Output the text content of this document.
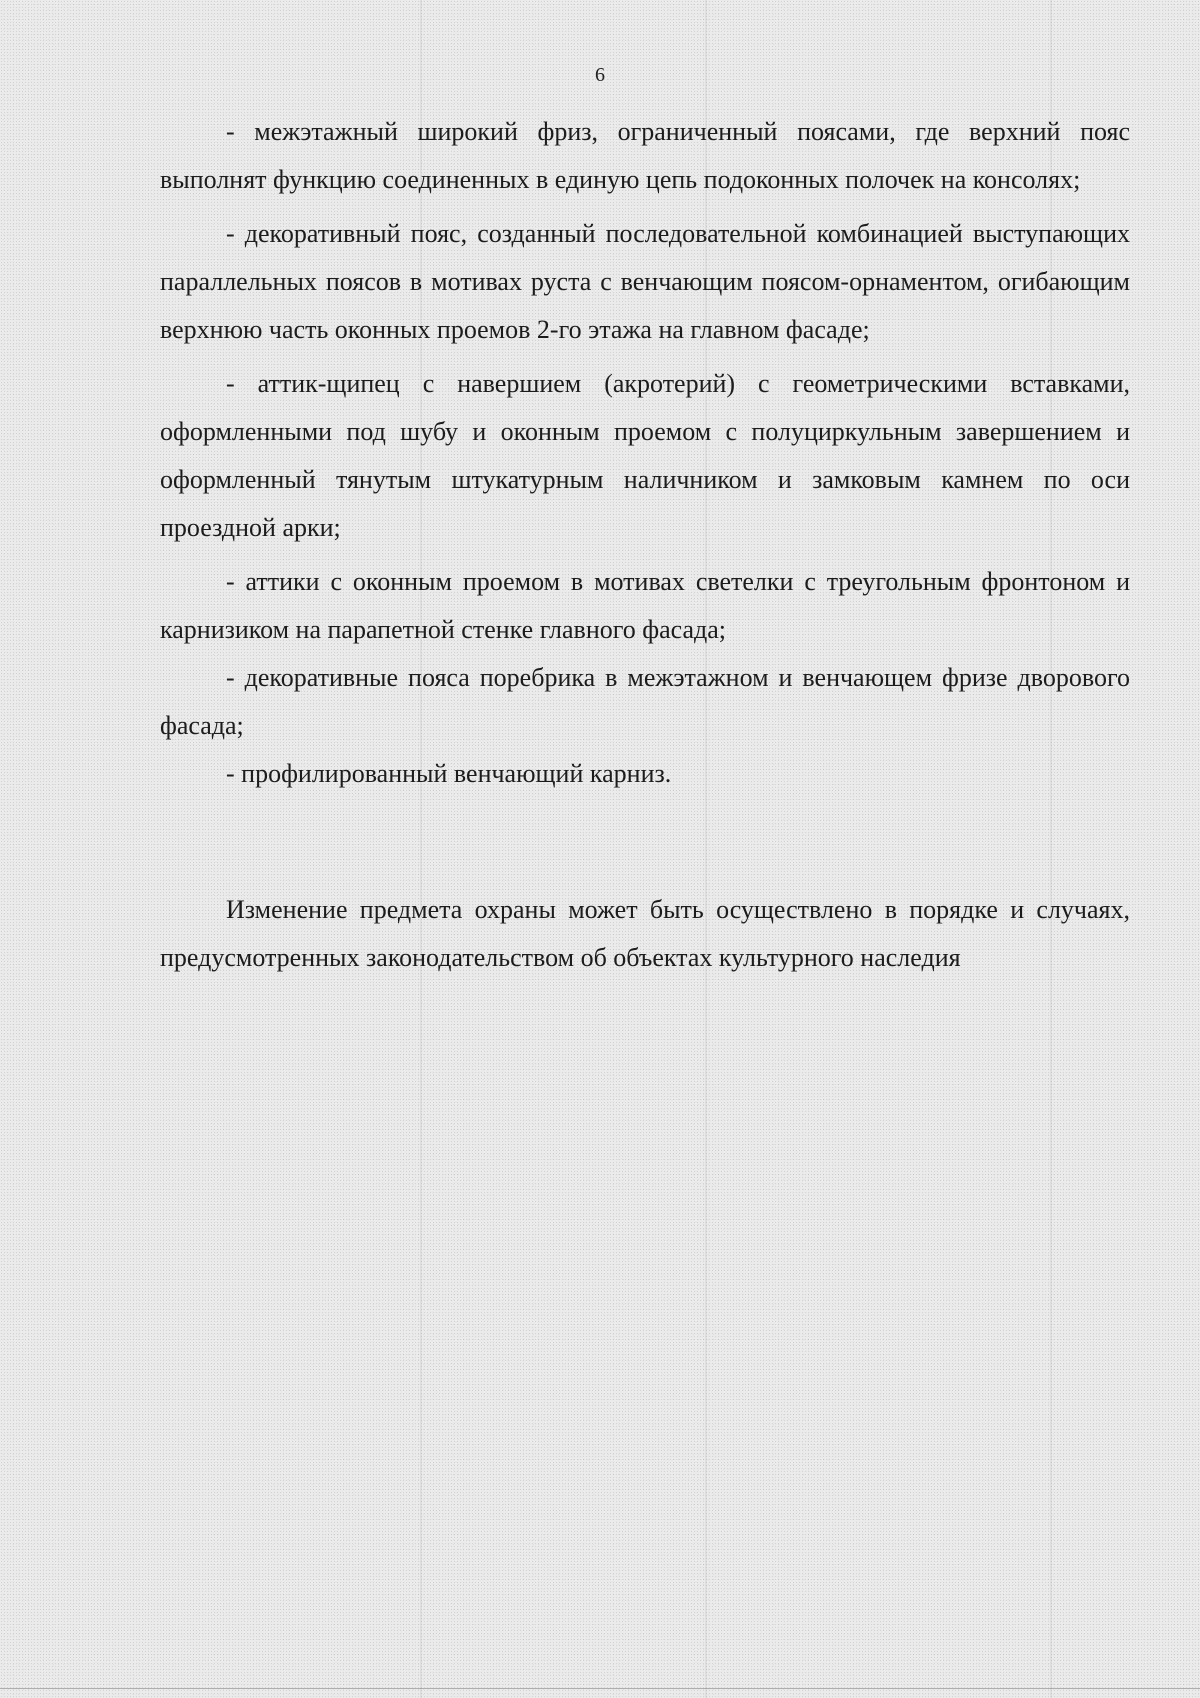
6

- межэтажный широкий фриз, ограниченный поясами, где верхний пояс выполнят функцию соединенных в единую цепь подоконных полочек на консолях;

- декоративный пояс, созданный последовательной комбинацией выступающих параллельных поясов в мотивах руста с венчающим поясом-орнаментом, огибающим верхнюю часть оконных проемов 2-го этажа на главном фасаде;

- аттик-щипец с навершием (акротерий) с геометрическими вставками, оформленными под шубу и оконным проемом с полуциркульным завершением и оформленный тянутым штукатурным наличником и замковым камнем по оси проездной арки;

- аттики с оконным проемом в мотивах светелки с треугольным фронтоном и карнизиком на парапетной стенке главного фасада;

- декоративные пояса поребрика в межэтажном и венчающем фризе дворового фасада;

- профилированный венчающий карниз.

Изменение предмета охраны может быть осуществлено в порядке и случаях, предусмотренных законодательством об объектах культурного наследия
